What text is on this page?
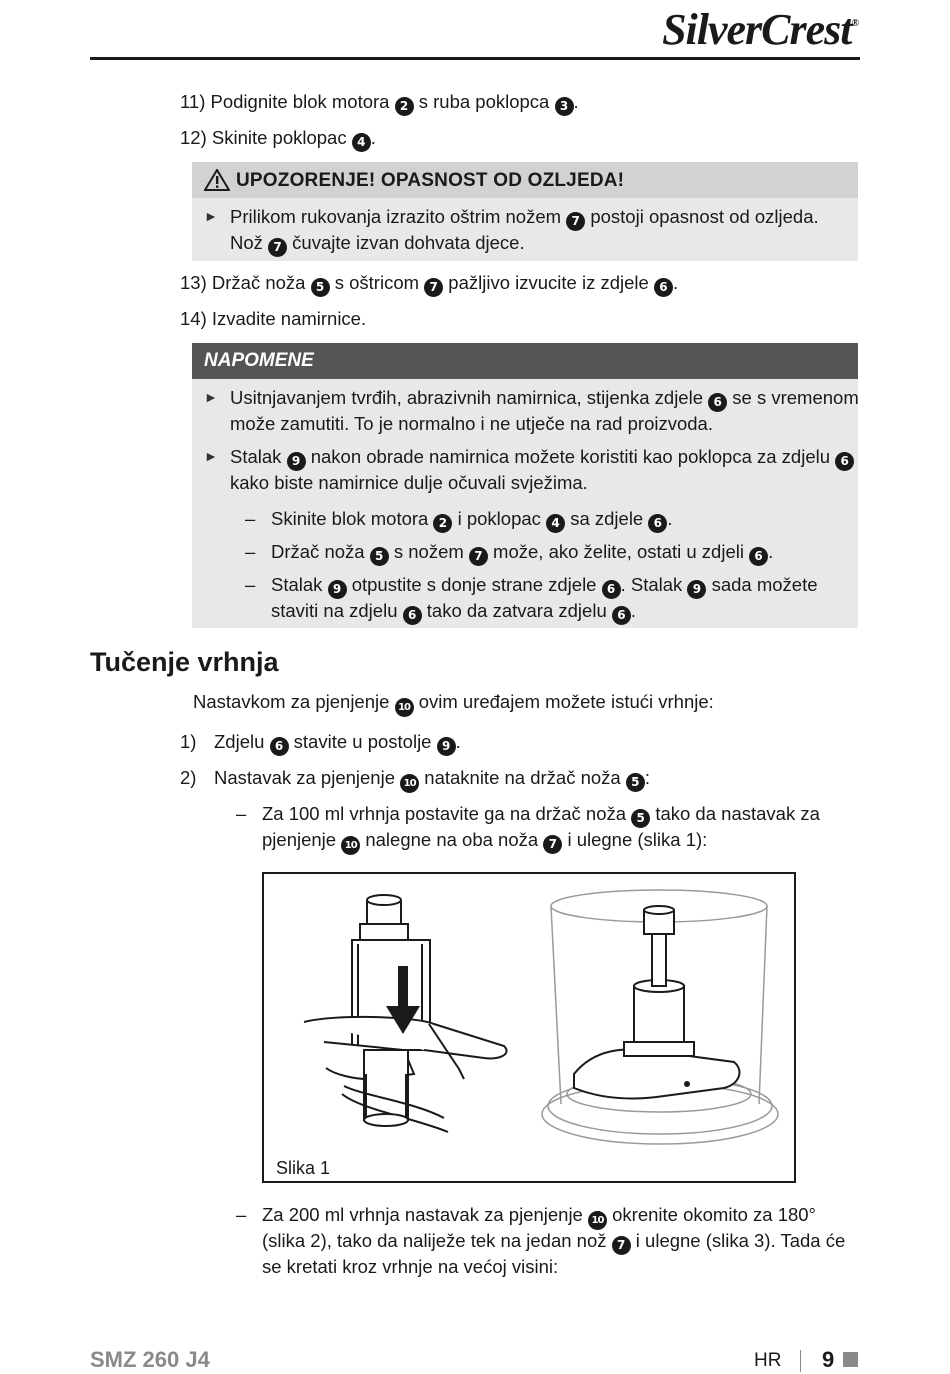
SilverCrest®
11) Podignite blok motora 2 s ruba poklopca 3 .
12) Skinite poklopac 4 .
UPOZORENJE! OPASNOST OD OZLJEDA!
► Prilikom rukovanja izrazito oštrim nožem 7 postoji opasnost od ozljeda.
Nož 7 čuvajte izvan dohvata djece.
13) Držač noža 5 s oštricom 7 pažljivo izvucite iz zdjele 6 .
14) Izvadite namirnice.
NAPOMENE
► Usitnjavanjem tvrđih, abrazivnih namirnica, stijenka zdjele 6 se s vremenom
može zamutiti. To je normalno i ne utječe na rad proizvoda.
► Stalak 9 nakon obrade namirnica možete koristiti kao poklopca za zdjelu 6
kako biste namirnice dulje očuvali svježima.
– Skinite blok motora 2 i poklopac 4 sa zdjele 6 .
– Držač noža 5 s nožem 7 može, ako želite, ostati u zdjeli 6 .
– Stalak 9 otpustite s donje strane zdjele 6 . Stalak 9 sada možete
staviti na zdjelu 6 tako da zatvara zdjelu 6 .
Tučenje vrhnja
Nastavkom za pjenjenje 10 ovim uređajem možete istući vrhnje:
1) Zdjelu 6 stavite u postolje 9 .
2) Nastavak za pjenjenje 10 nataknite na držač noža 5 :
– Za 100 ml vrhnja postavite ga na držač noža 5 tako da nastavak za
pjenjenje 10 nalegne na oba noža 7 i ulegne (slika 1):
Slika 1
– Za 200 ml vrhnja nastavak za pjenjenje 10 okrenite okomito za 180°
(slika 2), tako da naliježe tek na jedan nož 7 i ulegne (slika 3). Tada će
se kretati kroz vrhnje na većoj visini:
SMZ 260 J4	HR 9
